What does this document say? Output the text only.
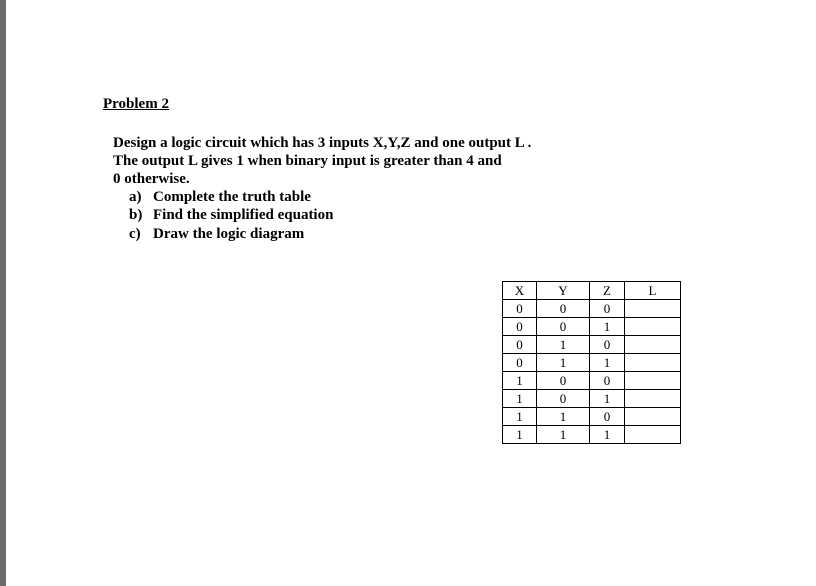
Problem 2
Design a logic circuit which has 3 inputs X,Y,Z and one output L .
The output L gives 1 when binary input is greater than 4 and
0 otherwise.
a) Complete the truth table
b) Find the simplified equation
c) Draw the logic diagram
X	Y	Z	L
0	0	0	
0	0	1	
0	1	0	
0	1	1	
1	0	0	
1	0	1	
1	1	0	
1	1	1	
